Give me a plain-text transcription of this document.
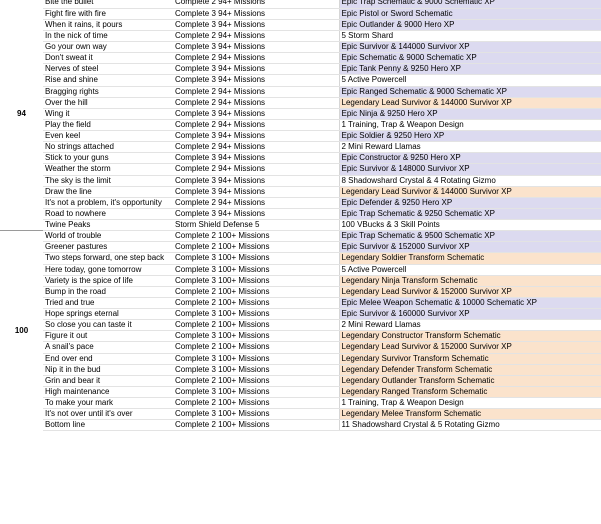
94	Bite the bullet	Complete 2 94+ Missions	Epic Trap Schematic & 9000 Schematic XP
	Fight fire with fire	Complete 3 94+ Missions	Epic Pistol or Sword Schematic
	When it rains, it pours	Complete 3 94+ Missions	Epic Outlander & 9000 Hero XP
	In the nick of time	Complete 2 94+ Missions	5 Storm Shard
	Go your own way	Complete 3 94+ Missions	Epic Survivor & 144000 Survivor XP
	Don't sweat it	Complete 2 94+ Missions	Epic Schematic & 9000 Schematic XP
	Nerves of steel	Complete 3 94+ Missions	Epic Tank Penny & 9250 Hero XP
	Rise and shine	Complete 3 94+ Missions	5 Active Powercell
	Bragging rights	Complete 2 94+ Missions	Epic Ranged Schematic & 9000 Schematic XP
	Over the hill	Complete 2 94+ Missions	Legendary Lead Survivor & 144000 Survivor XP
	Wing it	Complete 3 94+ Missions	Epic Ninja & 9250 Hero XP
	Play the field	Complete 2 94+ Missions	1 Training, Trap & Weapon Design
	Even keel	Complete 3 94+ Missions	Epic Soldier & 9250 Hero XP
	No strings attached	Complete 2 94+ Missions	2 Mini Reward Llamas
	Stick to your guns	Complete 3 94+ Missions	Epic Constructor & 9250 Hero XP
	Weather the storm	Complete 2 94+ Missions	Epic Survivor & 148000 Survivor XP
	The sky is the limit	Complete 3 94+ Missions	8 Shadowshard Crystal & 4 Rotating Gizmo
	Draw the line	Complete 3 94+ Missions	Legendary Lead Survivor & 144000 Survivor XP
	It's not a problem, it's opportunity	Complete 2 94+ Missions	Epic Defender & 9250 Hero XP
	Road to nowhere	Complete 3 94+ Missions	Epic Trap Schematic & 9250 Schematic XP
	Twine Peaks	Storm Shield Defense 5	100 VBucks & 3 Skill Points
100	World of trouble	Complete 2 100+ Missions	Epic Trap Schematic & 9500 Schematic XP
	Greener pastures	Complete 2 100+ Missions	Epic Survivor & 152000 Survivor XP
	Two steps forward, one step back	Complete 3 100+ Missions	Legendary Soldier Transform Schematic
	Here today, gone tomorrow	Complete 3 100+ Missions	5 Active Powercell
	Variety is the spice of life	Complete 3 100+ Missions	Legendary Ninja Transform Schematic
	Bump in the road	Complete 2 100+ Missions	Legendary Lead Survivor & 152000 Survivor XP
	Tried and true	Complete 2 100+ Missions	Epic Melee Weapon Schematic & 10000 Schematic XP
	Hope springs eternal	Complete 3 100+ Missions	Epic Survivor & 160000 Survivor XP
	So close you can taste it	Complete 2 100+ Missions	2 Mini Reward Llamas
	Figure it out	Complete 3 100+ Missions	Legendary Constructor Transform Schematic
	A snail's pace	Complete 2 100+ Missions	Legendary Lead Survivor & 152000 Survivor XP
	End over end	Complete 3 100+ Missions	Legendary Survivor Transform Schematic
	Nip it in the bud	Complete 3 100+ Missions	Legendary Defender Transform Schematic
	Grin and bear it	Complete 2 100+ Missions	Legendary Outlander Transform Schematic
	High maintenance	Complete 3 100+ Missions	Legendary Ranged Transform Schematic
	To make your mark	Complete 2 100+ Missions	1 Training, Trap & Weapon Design
	It's not over until it's over	Complete 3 100+ Missions	Legendary Melee Transform Schematic
	Bottom line	Complete 2 100+ Missions	11 Shadowshard Crystal & 5 Rotating Gizmo
